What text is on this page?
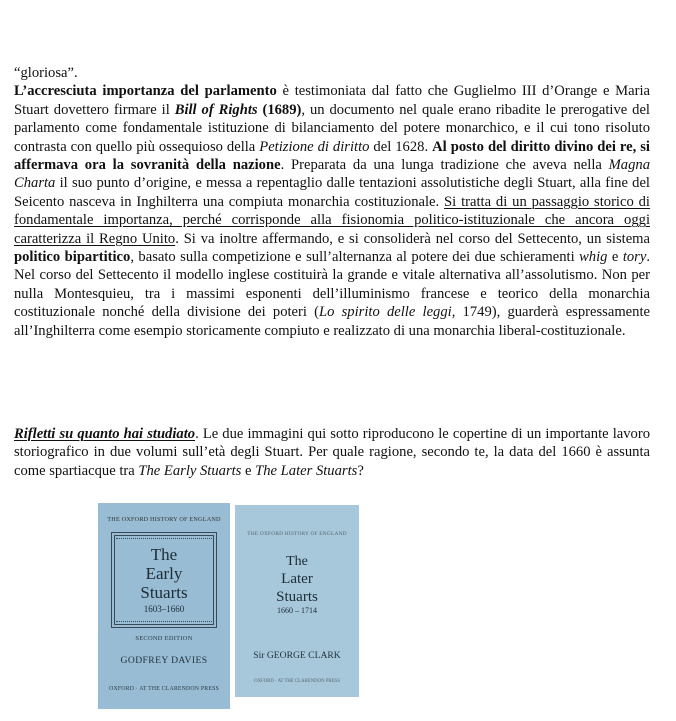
“gloriosa”.
L’accresciuta importanza del parlamento è testimoniata dal fatto che Guglielmo III d’Orange e Maria Stuart dovettero firmare il Bill of Rights (1689), un documento nel quale erano ribadite le prerogative del parlamento come fondamentale istituzione di bilanciamento del potere monarchico, e il cui tono risoluto contrasta con quello più ossequioso della Petizione di diritto del 1628. Al posto del diritto divino dei re, si affermava ora la sovranità della nazione. Preparata da una lunga tradizione che aveva nella Magna Charta il suo punto d’origine, e messa a repentaglio dalle tentazioni assolutistiche degli Stuart, alla fine del Seicento nasceva in Inghilterra una compiuta monarchia costituzionale. Si tratta di un passaggio storico di fondamentale importanza, perché corrisponde alla fisionomia politico-istituzionale che ancora oggi caratterizza il Regno Unito. Si va inoltre affermando, e si consoliderà nel corso del Settecento, un sistema politico bipartitico, basato sulla competizione e sull’alternanza al potere dei due schieramenti whig e tory. Nel corso del Settecento il modello inglese costituirà la grande e vitale alternativa all’assolutismo. Non per nulla Montesquieu, tra i massimi esponenti dell’illuminismo francese e teorico della monarchia costituzionale nonché della divisione dei poteri (Lo spirito delle leggi, 1749), guarderà espressamente all’Inghilterra come esempio storicamente compiuto e realizzato di una monarchia liberal-costituzionale.

Rifletti su quanto hai studiato. Le due immagini qui sotto riproducono le copertine di un importante lavoro storiografico in due volumi sull’età degli Stuart. Per quale ragione, secondo te, la data del 1660 è assunta come spartiacque tra The Early Stuarts e The Later Stuarts?

THE OXFORD HISTORY OF ENGLAND
The
Early
Stuarts
1603–1660
SECOND EDITION
GODFREY DAVIES
OXFORD · AT THE CLARENDON PRESS
THE OXFORD HISTORY OF ENGLAND
The
Later
Stuarts
1660 – 1714
Sir GEORGE CLARK
OXFORD · AT THE CLARENDON PRESS
